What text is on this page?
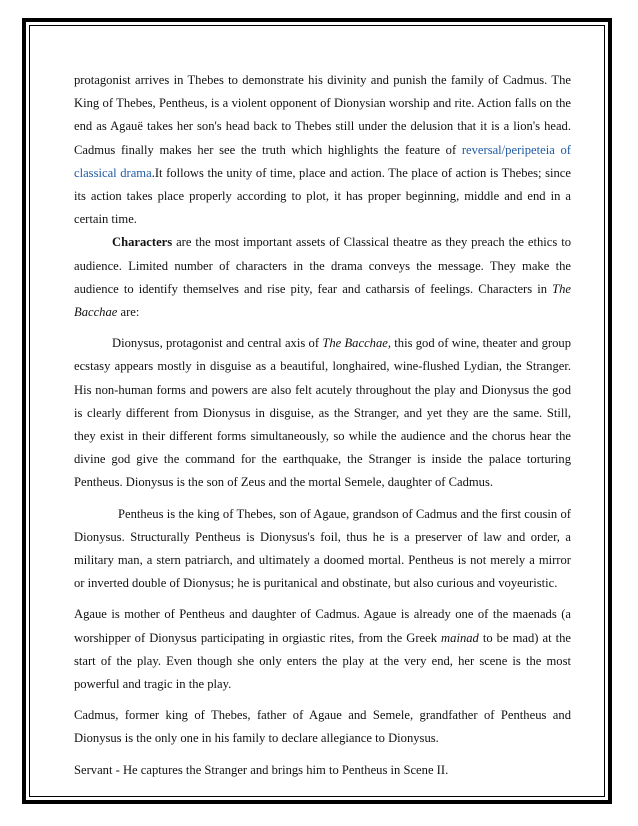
protagonist arrives in Thebes to demonstrate his divinity and punish the family of Cadmus. The King of Thebes, Pentheus, is a violent opponent of Dionysian worship and rite. Action falls on the end as Agauë takes her son's head back to Thebes still under the delusion that it is a lion's head. Cadmus finally makes her see the truth which highlights the feature of reversal/peripeteia of classical drama.It follows the unity of time, place and action. The place of action is Thebes; since its action takes place properly according to plot, it has proper beginning, middle and end in a certain time.

Characters are the most important assets of Classical theatre as they preach the ethics to audience. Limited number of characters in the drama conveys the message. They make the audience to identify themselves and rise pity, fear and catharsis of feelings. Characters in The Bacchae are:

Dionysus, protagonist and central axis of The Bacchae, this god of wine, theater and group ecstasy appears mostly in disguise as a beautiful, longhaired, wine-flushed Lydian, the Stranger. His non-human forms and powers are also felt acutely throughout the play and Dionysus the god is clearly different from Dionysus in disguise, as the Stranger, and yet they are the same. Still, they exist in their different forms simultaneously, so while the audience and the chorus hear the divine god give the command for the earthquake, the Stranger is inside the palace torturing Pentheus. Dionysus is the son of Zeus and the mortal Semele, daughter of Cadmus.

Pentheus is the king of Thebes, son of Agaue, grandson of Cadmus and the first cousin of Dionysus. Structurally Pentheus is Dionysus's foil, thus he is a preserver of law and order, a military man, a stern patriarch, and ultimately a doomed mortal. Pentheus is not merely a mirror or inverted double of Dionysus; he is puritanical and obstinate, but also curious and voyeuristic.

Agaue is mother of Pentheus and daughter of Cadmus. Agaue is already one of the maenads (a worshipper of Dionysus participating in orgiastic rites, from the Greek mainad to be mad) at the start of the play. Even though she only enters the play at the very end, her scene is the most powerful and tragic in the play.

Cadmus, former king of Thebes, father of Agaue and Semele, grandfather of Pentheus and Dionysus is the only one in his family to declare allegiance to Dionysus.

Servant - He captures the Stranger and brings him to Pentheus in Scene II.
